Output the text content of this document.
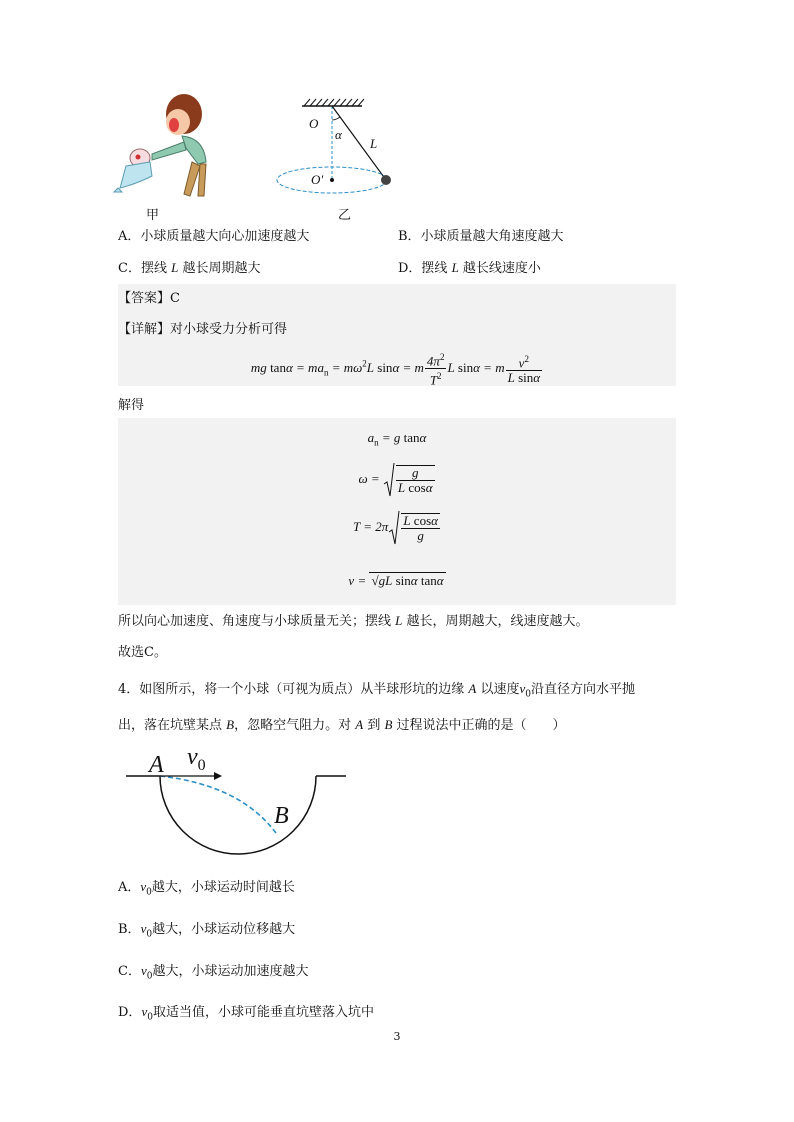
甲
O
α
L
O′
乙
A．小球质量越大向心加速度越大	B．小球质量越大角速度越大
C．摆线 L 越长周期越大	D．摆线 L 越长线速度小
【答案】C
【详解】对小球受力分析可得
mg $\tan\alpha = ma_n = m\omega^2L$ sinα = m $\frac{4\pi^2}{T^2}$ L sinα = m $\frac{v^2}{\text{L sinα}}$
解得
$a_n = g$ tanα
$\omega = \frac{g}{\text{L cosα}}$
$T = 2\pi \frac{\text{L cosα}}{g}$
v = √gL sinα tanα
所以向心加速度、角速度与小球质量无关；摆线 L 越长，周期越大，线速度越大。
故选C。
4．如图所示，将一个小球（可视为质点）从半球形坑的边缘 A 以速度$v_0$沿直径方向水平抛
出，落在坑壁某点 B，忽略空气阻力。对 A 到 B 过程说法中正确的是（　　）
A $v_0$
B
A．$v_0$越大，小球运动时间越长
B．$v_0$越大，小球运动位移越大
C．$v_0$越大，小球运动加速度越大
D．$v_0$取适当值，小球可能垂直坑壁落入坑中
3
